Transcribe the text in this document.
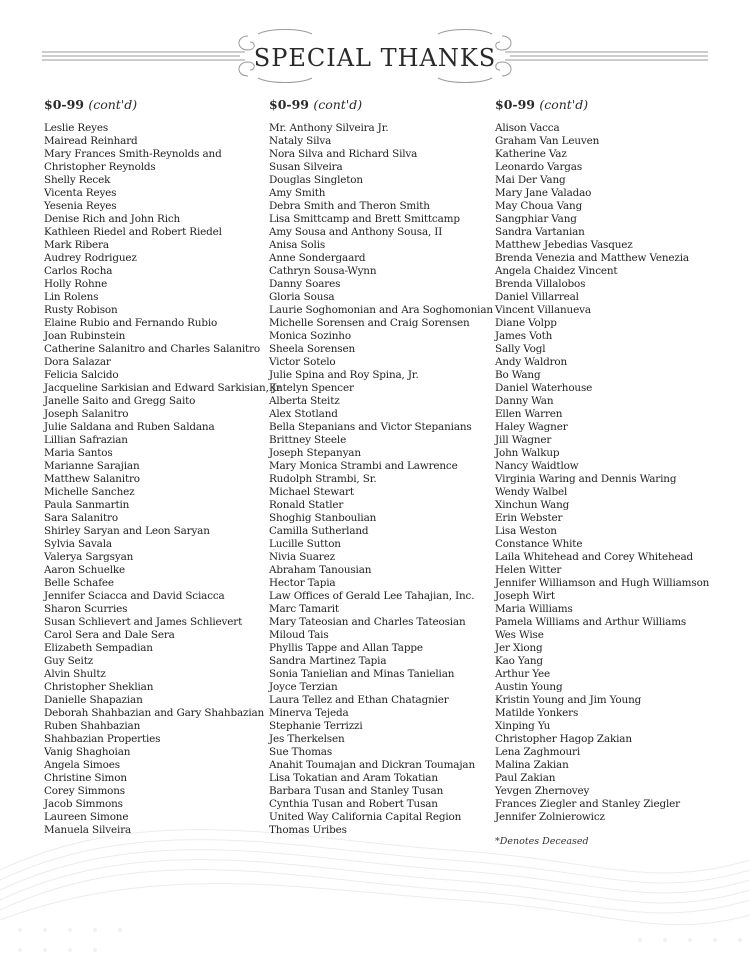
SPECIAL THANKS
$0-99 (cont'd)
Leslie Reyes
Mairead Reinhard
Mary Frances Smith-Reynolds and
Christopher Reynolds
Shelly Recek
Vicenta Reyes
Yesenia Reyes
Denise Rich and John Rich
Kathleen Riedel and Robert Riedel
Mark Ribera
Audrey Rodriguez
Carlos Rocha
Holly Rohne
Lin Rolens
Rusty Robison
Elaine Rubio and Fernando Rubio
Joan Rubinstein
Catherine Salanitro and Charles Salanitro
Dora Salazar
Felicia Salcido
Jacqueline Sarkisian and Edward Sarkisian, Jr.
Janelle Saito and Gregg Saito
Joseph Salanitro
Julie Saldana and Ruben Saldana
Lillian Safrazian
Maria Santos
Marianne Sarajian
Matthew Salanitro
Michelle Sanchez
Paula Sanmartin
Sara Salanitro
Shirley Saryan and Leon Saryan
Sylvia Savala
Valerya Sargsyan
Aaron Schuelke
Belle Schafee
Jennifer Sciacca and David Sciacca
Sharon Scurries
Susan Schlievert and James Schlievert
Carol Sera and Dale Sera
Elizabeth Sempadian
Guy Seitz
Alvin Shultz
Christopher Sheklian
Danielle Shapazian
Deborah Shahbazian and Gary Shahbazian
Ruben Shahbazian
Shahbazian Properties
Vanig Shaghoian
Angela Simoes
Christine Simon
Corey Simmons
Jacob Simmons
Laureen Simone
Manuela Silveira
$0-99 (cont'd)
Mr. Anthony Silveira Jr.
Nataly Silva
Nora Silva and Richard Silva
Susan Silveira
Douglas Singleton
Amy Smith
Debra Smith and Theron Smith
Lisa Smittcamp and Brett Smittcamp
Amy Sousa and Anthony Sousa, II
Anisa Solis
Anne Sondergaard
Cathryn Sousa-Wynn
Danny Soares
Gloria Sousa
Laurie Soghomonian and Ara Soghomonian
Michelle Sorensen and Craig Sorensen
Monica Sozinho
Sheela Sorensen
Victor Sotelo
Julie Spina and Roy Spina, Jr.
Katelyn Spencer
Alberta Steitz
Alex Stotland
Bella Stepanians and Victor Stepanians
Brittney Steele
Joseph Stepanyan
Mary Monica Strambi and Lawrence
Rudolph Strambi, Sr.
Michael Stewart
Ronald Statler
Shoghig Stanboulian
Camilla Sutherland
Lucille Sutton
Nivia Suarez
Abraham Tanousian
Hector Tapia
Law Offices of Gerald Lee Tahajian, Inc.
Marc Tamarit
Mary Tateosian and Charles Tateosian
Miloud Tais
Phyllis Tappe and Allan Tappe
Sandra Martinez Tapia
Sonia Tanielian and Minas Tanielian
Joyce Terzian
Laura Tellez and Ethan Chatagnier
Minerva Tejeda
Stephanie Terrizzi
Jes Therkelsen
Sue Thomas
Anahit Toumajan and Dickran Toumajan
Lisa Tokatian and Aram Tokatian
Barbara Tusan and Stanley Tusan
Cynthia Tusan and Robert Tusan
United Way California Capital Region
Thomas Uribes
$0-99 (cont'd)
Alison Vacca
Graham Van Leuven
Katherine Vaz
Leonardo Vargas
Mai Der Vang
Mary Jane Valadao
May Choua Vang
Sangphiar Vang
Sandra Vartanian
Matthew Jebedias Vasquez
Brenda Venezia and Matthew Venezia
Angela Chaidez Vincent
Brenda Villalobos
Daniel Villarreal
Vincent Villanueva
Diane Volpp
James Voth
Sally Vogl
Andy Waldron
Bo Wang
Daniel Waterhouse
Danny Wan
Ellen Warren
Haley Wagner
Jill Wagner
John Walkup
Nancy Waidtlow
Virginia Waring and Dennis Waring
Wendy Walbel
Xinchun Wang
Erin Webster
Lisa Weston
Constance White
Laila Whitehead and Corey Whitehead
Helen Witter
Jennifer Williamson and Hugh Williamson
Joseph Wirt
Maria Williams
Pamela Williams and Arthur Williams
Wes Wise
Jer Xiong
Kao Yang
Arthur Yee
Austin Young
Kristin Young and Jim Young
Matilde Yonkers
Xinping Yu
Christopher Hagop Zakian
Lena Zaghmouri
Malina Zakian
Paul Zakian
Yevgen Zhernovey
Frances Ziegler and Stanley Ziegler
Jennifer Zolnierowicz
*Denotes Deceased
